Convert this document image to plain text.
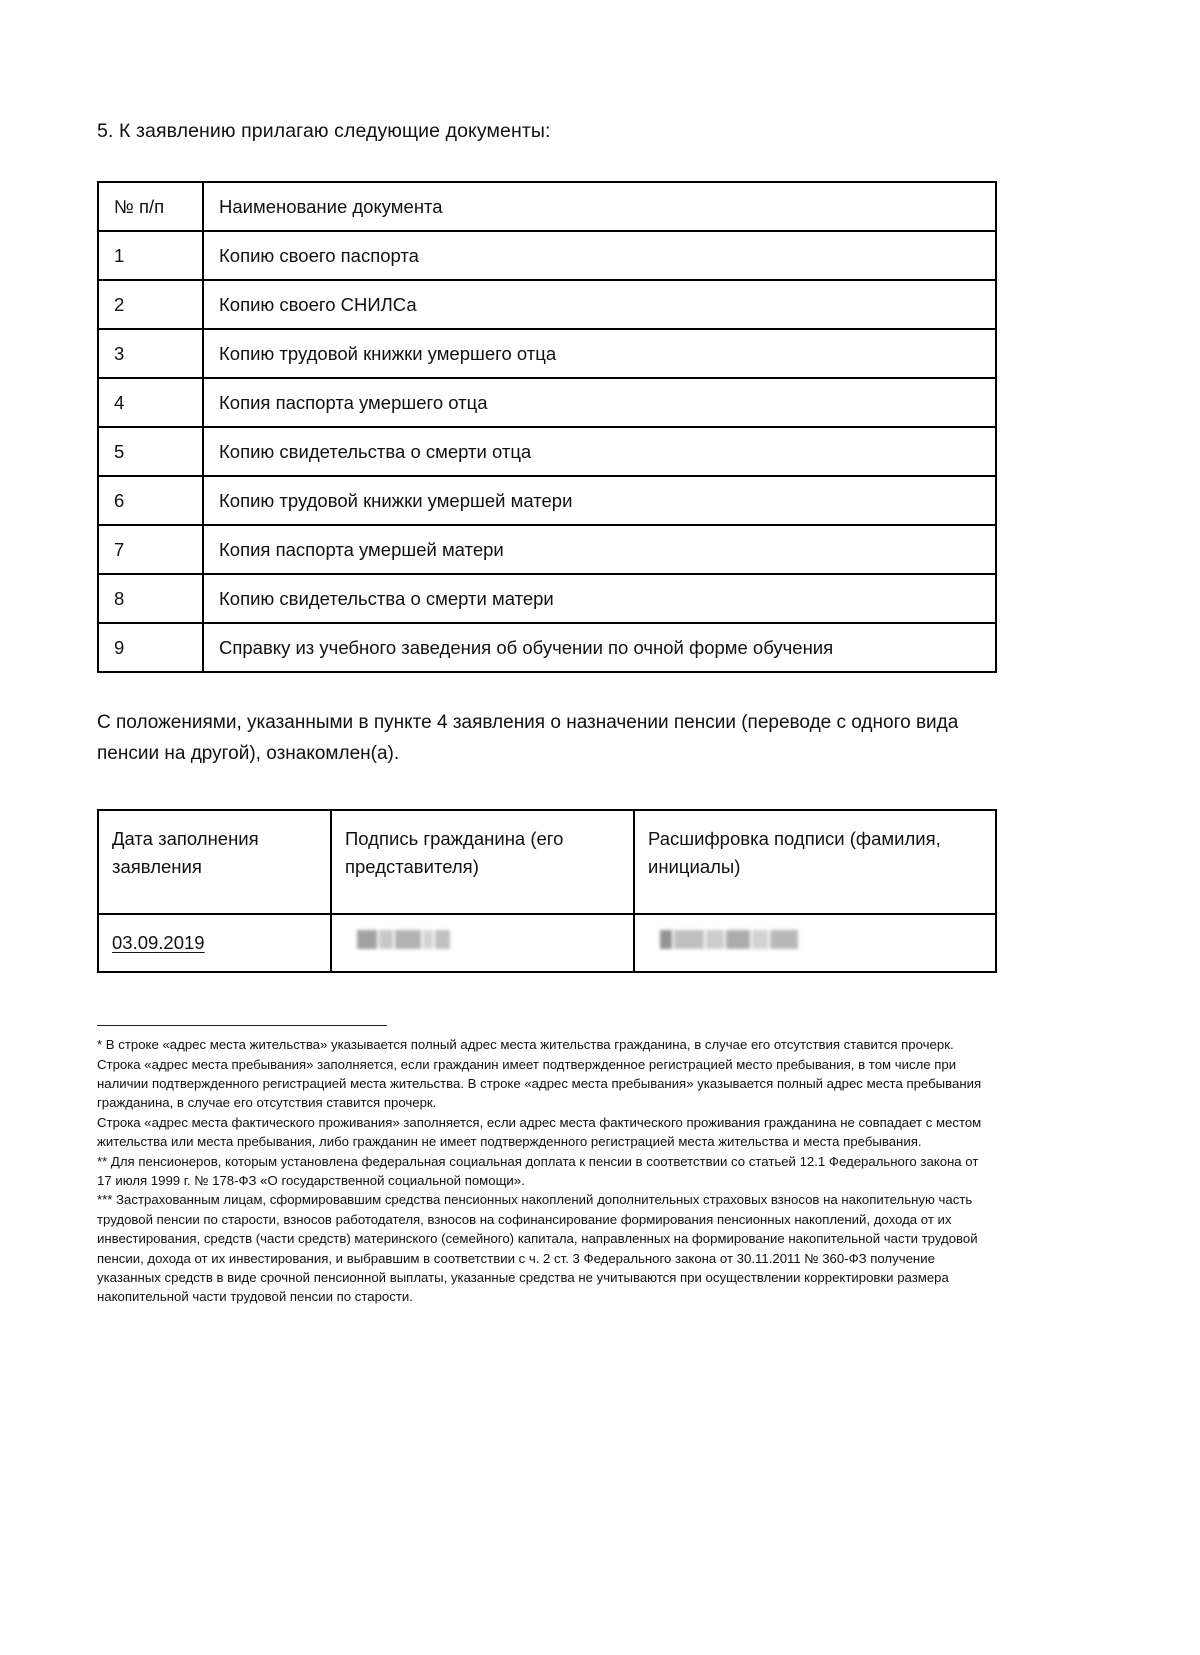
5. К заявлению прилагаю следующие документы:

№ п/п	Наименование документа
1	Копию своего паспорта
2	Копию своего СНИЛСа
3	Копию трудовой книжки умершего отца
4	Копия паспорта умершего отца
5	Копию свидетельства о смерти отца
6	Копию трудовой книжки умершей матери
7	Копия паспорта умершей матери
8	Копию свидетельства о смерти матери
9	Справку из учебного заведения об обучении по очной форме обучения

С положениями, указанными в пункте 4 заявления о назначении пенсии (переводе с одного вида пенсии на другой), ознакомлен(а).

Дата заполнения заявления	Подпись гражданина (его представителя)	Расшифровка подписи (фамилия, инициалы)
03.09.2019	

* В строке «адрес места жительства» указывается полный адрес места жительства гражданина, в случае его отсутствия ставится прочерк.

Строка «адрес места пребывания» заполняется, если гражданин имеет подтвержденное регистрацией место пребывания, в том числе при наличии подтвержденного регистрацией места жительства. В строке «адрес места пребывания» указывается полный адрес места пребывания гражданина, в случае его отсутствия ставится прочерк.

Строка «адрес места фактического проживания» заполняется, если адрес места фактического проживания гражданина не совпадает с местом жительства или места пребывания, либо гражданин не имеет подтвержденного регистрацией места жительства и места пребывания.

** Для пенсионеров, которым установлена федеральная социальная доплата к пенсии в соответствии со статьей 12.1 Федерального закона от 17 июля 1999 г. № 178-ФЗ «О государственной социальной помощи».

*** Застрахованным лицам, сформировавшим средства пенсионных накоплений дополнительных страховых взносов на накопительную часть трудовой пенсии по старости, взносов работодателя, взносов на софинансирование формирования пенсионных накоплений, дохода от их инвестирования, средств (части средств) материнского (семейного) капитала, направленных на формирование накопительной части трудовой пенсии, дохода от их инвестирования, и выбравшим в соответствии с ч. 2 ст. 3 Федерального закона от 30.11.2011 № 360-ФЗ получение указанных средств в виде срочной пенсионной выплаты, указанные средства не учитываются при осуществлении корректировки размера накопительной части трудовой пенсии по старости.
